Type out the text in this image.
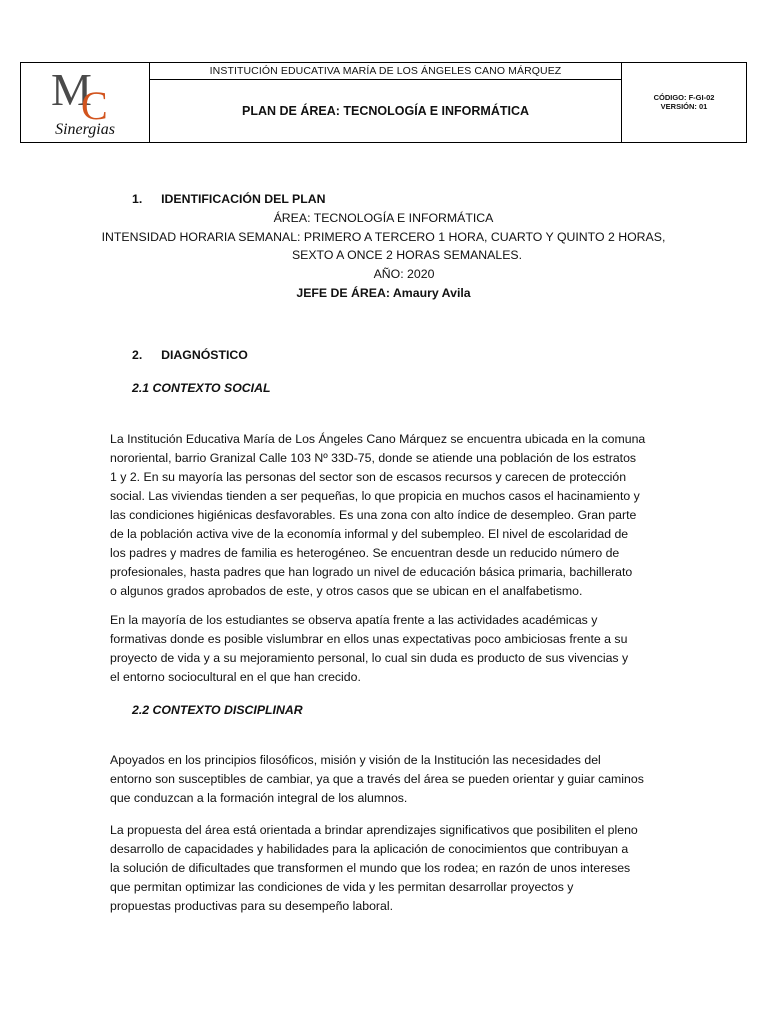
M
C
Sinergias
INSTITUCIÓN EDUCATIVA MARÍA DE LOS ÁNGELES CANO MÁRQUEZ
PLAN DE ÁREA: TECNOLOGÍA E INFORMÁTICA
CÓDIGO: F-GI-02
VERSIÓN: 01
1. IDENTIFICACIÓN DEL PLAN
ÁREA: TECNOLOGÍA E INFORMÁTICA
INTENSIDAD HORARIA SEMANAL: PRIMERO A TERCERO 1 HORA, CUARTO Y QUINTO 2 HORAS,
SEXTO A ONCE 2 HORAS SEMANALES.
AÑO: 2020
JEFE DE ÁREA: Amaury Avila
2. DIAGNÓSTICO
2.1 CONTEXTO SOCIAL

La Institución Educativa María de Los Ángeles Cano Márquez se encuentra ubicada en la comuna

nororiental, barrio Granizal Calle 103 Nº 33D-75, donde se atiende una población de los estratos

1 y 2. En su mayoría las personas del sector son de escasos recursos y carecen de protección

social. Las viviendas tienden a ser pequeñas, lo que propicia en muchos casos el hacinamiento y

las condiciones higiénicas desfavorables. Es una zona con alto índice de desempleo. Gran parte

de la población activa vive de la economía informal y del subempleo. El nivel de escolaridad de

los padres y madres de familia es heterogéneo. Se encuentran desde un reducido número de

profesionales, hasta padres que han logrado un nivel de educación básica primaria, bachillerato

o algunos grados aprobados de este, y otros casos que se ubican en el analfabetismo.

En la mayoría de los estudiantes se observa apatía frente a las actividades académicas y

formativas donde es posible vislumbrar en ellos unas expectativas poco ambiciosas frente a su

proyecto de vida y a su mejoramiento personal, lo cual sin duda es producto de sus vivencias y

el entorno sociocultural en el que han crecido.

2.2 CONTEXTO DISCIPLINAR

Apoyados en los principios filosóficos, misión y visión de la Institución las necesidades del

entorno son susceptibles de cambiar, ya que a través del área se pueden orientar y guiar caminos

que conduzcan a la formación integral de los alumnos.

La propuesta del área está orientada a brindar aprendizajes significativos que posibiliten el pleno

desarrollo de capacidades y habilidades para la aplicación de conocimientos que contribuyan a

la solución de dificultades que transformen el mundo que los rodea; en razón de unos intereses

que permitan optimizar las condiciones de vida y les permitan desarrollar proyectos y

propuestas productivas para su desempeño laboral.
